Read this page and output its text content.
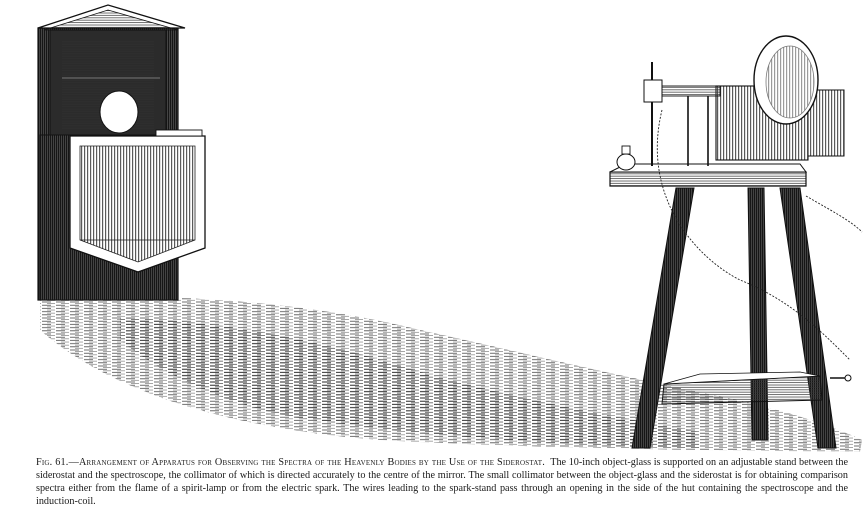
Fig. 61.—Arrangement of Apparatus for Observing the Spectra of the Heavenly Bodies by the Use of the Siderostat. The 10-inch object-glass is supported on an adjustable stand between the siderostat and the spectroscope, the collimator of which is directed accurately to the centre of the mirror. The small collimator between the object-glass and the siderostat is for obtaining comparison spectra either from the flame of a spirit-lamp or from the electric spark. The wires leading to the spark-stand pass through an opening in the side of the hut containing the spectroscope and the induction-coil.
